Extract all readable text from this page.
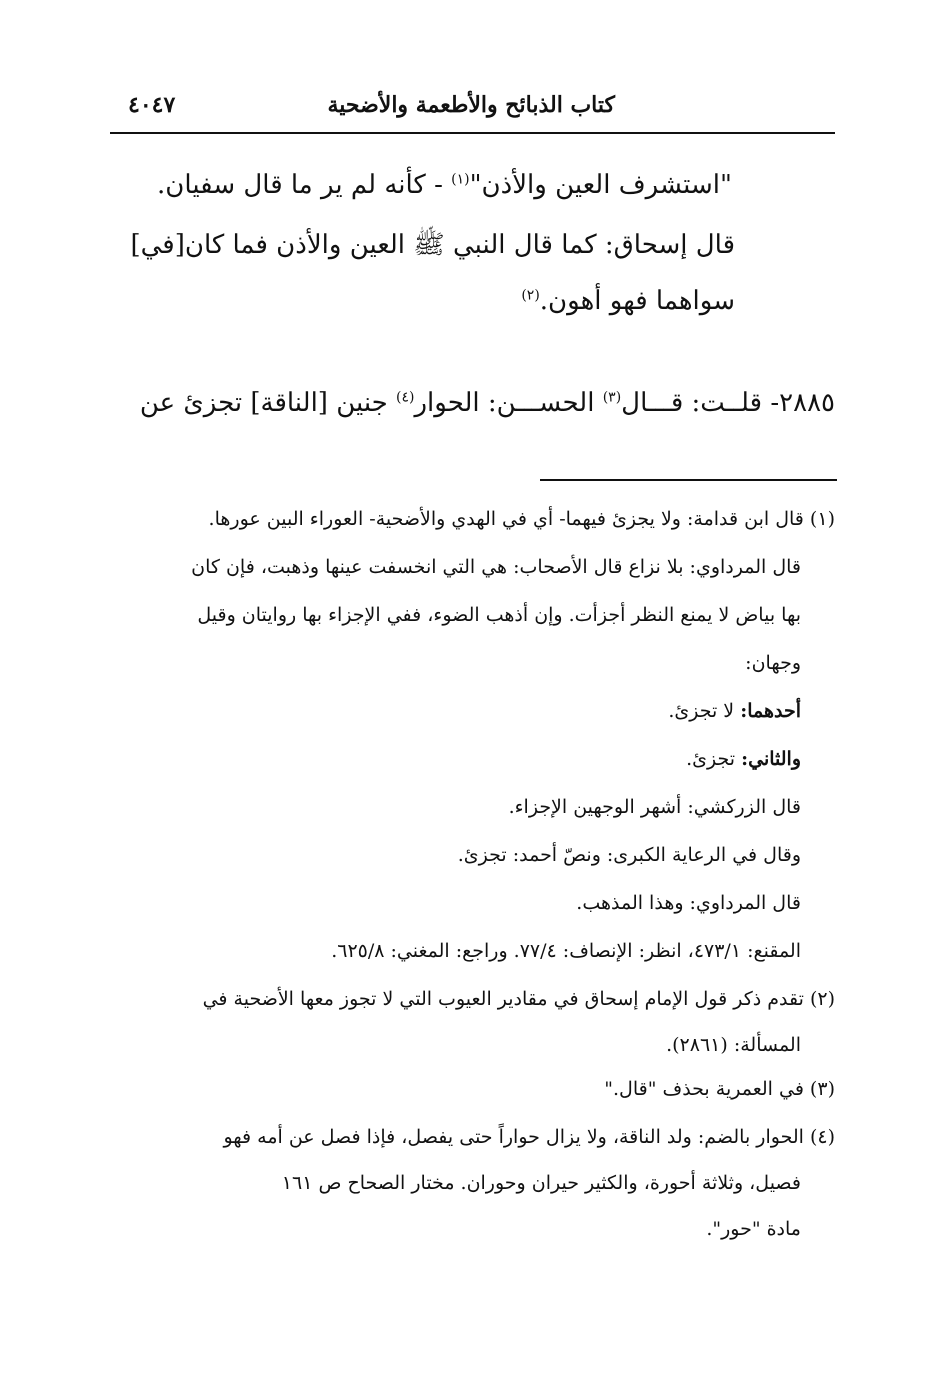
كتاب الذبائح والأطعمة والأضحية
٤٠٤٧
"استشرف العين والأذن"$^{(١)}$ - كأنه لم ير ما قال سفيان.
قال إسحاق: كما قال النبي ﷺ العين والأذن فما كان[في]
سواهما فهو أهون.$^{(٢)}$
٢٨٨٥- قلــت: قـــال$^{(٣)}$ الحســـن: الحوار$^{(٤)}$ جنين [الناقة] تجزئ عن
(١) قال ابن قدامة: ولا يجزئ فيهما- أي في الهدي والأضحية- العوراء البين عورها.
قال المرداوي: بلا نزاع قال الأصحاب: هي التي انخسفت عينها وذهبت، فإن كان
بها بياض لا يمنع النظر أجزأت. وإن أذهب الضوء، ففي الإجزاء بها روايتان وقيل
وجهان:
أحدهما: لا تجزئ.
والثاني: تجزئ.
قال الزركشي: أشهر الوجهين الإجزاء.
وقال في الرعاية الكبرى: ونصّ أحمد: تجزئ.
قال المرداوي: وهذا المذهب.
المقنع: ٤٧٣/١، انظر: الإنصاف: ٧٧/٤. وراجع: المغني: ٦٢٥/٨.
(٢) تقدم ذكر قول الإمام إسحاق في مقادير العيوب التي لا تجوز معها الأضحية في
المسألة: (٢٨٦١).
(٣) في العمرية بحذف "قال."
(٤) الحوار بالضم: ولد الناقة، ولا يزال حواراً حتى يفصل، فإذا فصل عن أمه فهو
فصيل، وثلاثة أحورة، والكثير حيران وحوران. مختار الصحاح ص ١٦١
مادة "حور".
